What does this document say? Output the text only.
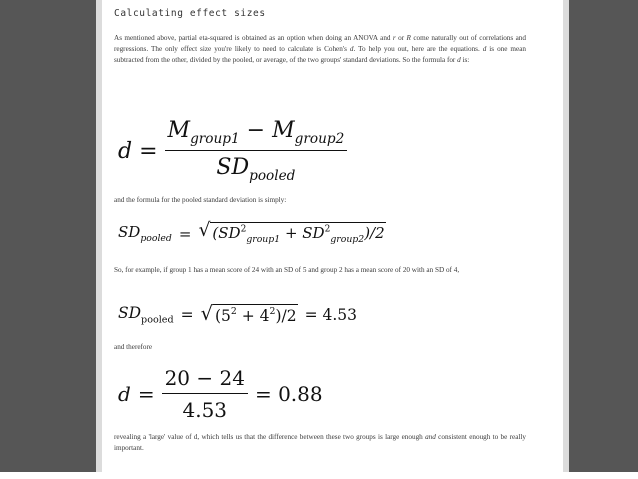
Calculating effect sizes

As mentioned above, partial eta-squared is obtained as an option when doing an ANOVA and r or R come naturally out of correlations and regressions. The only effect size you're likely to need to calculate is Cohen's d. To help you out, here are the equations. d is one mean subtracted from the other, divided by the pooled, or average, of the two groups' standard deviations. So the formula for d is:

$d = \frac{M_{group1} - M_{group2}}{SD_{pooled}}$

and the formula for the pooled standard deviation is simply:

$SD_{pooled}$ = √ $(SD^2_{group1} + SD^2_{group2})/2$

So, for example, if group 1 has a mean score of 24 with an SD of 5 and group 2 has a mean score of 20 with an SD of 4,

$SD_{pooled}$ = √ $(5^2 + 4^2)/2 = 4.53$

and therefore

$d = \frac{20 - 24}{4.53} = 0.88$

revealing a 'large' value of d, which tells us that the difference between these two groups is large enough and consistent enough to be really important.
